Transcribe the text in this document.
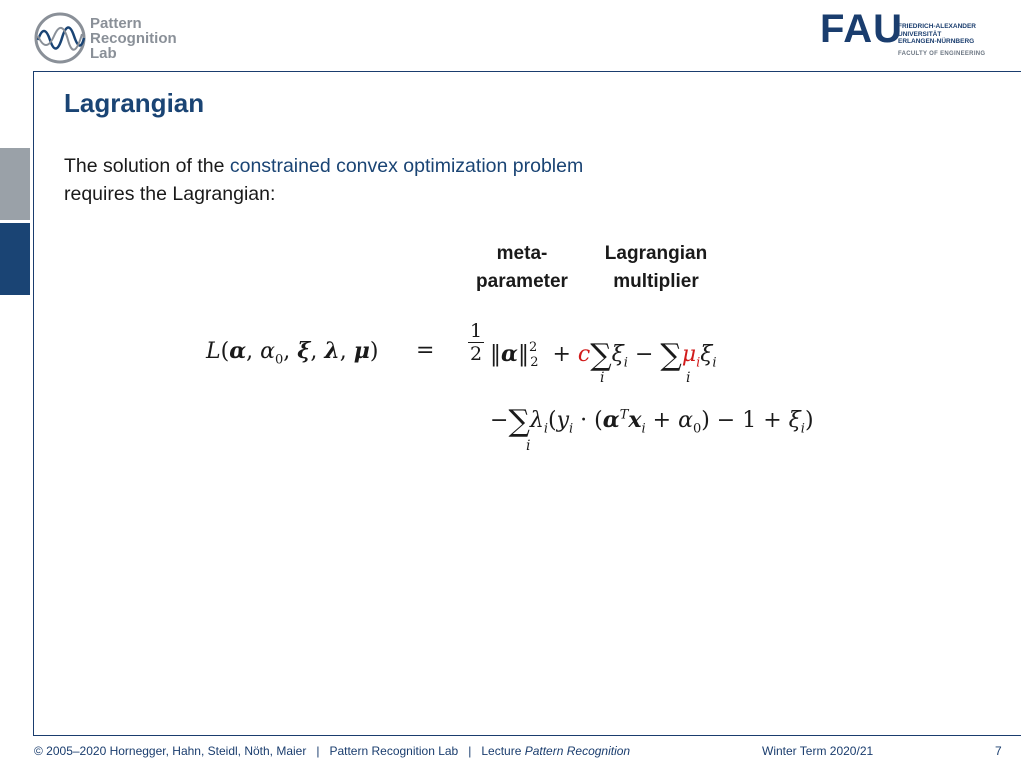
Pattern
Recognition
Lab
FAU
FRIEDRICH-ALEXANDER
UNIVERSITÄT
ERLANGEN-NÜRNBERG
FACULTY OF ENGINEERING
Lagrangian
The solution of the constrained convex optimization problem
requires the Lagrangian:
meta-
parameter
Lagrangian
multiplier
L(α, $\alpha_0$, ξ, λ, μ) =
1
2 ‖α‖$^2_2$ + $c\sum\xi_i - \sum\mu_i\xi_i$
i	i
$-\sum\lambda_i(y_i \cdot (\alpha^Tx_i + \alpha_0) - 1 + \xi_i)$
i
© 2005–2020 Hornegger, Hahn, Steidl, Nöth, Maier   |   Pattern Recognition Lab   |   Lecture Pattern Recognition	Winter Term 2020/21	7
